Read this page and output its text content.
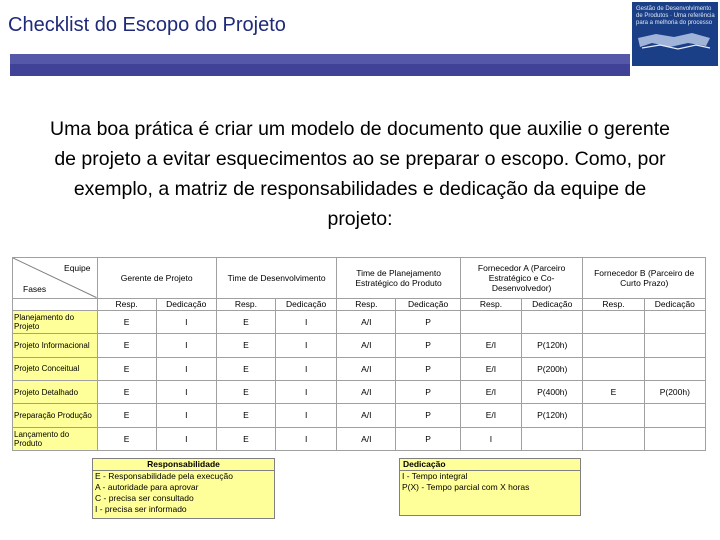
Checklist do Escopo do Projeto
Gestão de Desenvolvimento de Produtos · Uma referência para a melhoria do processo
Uma boa prática é criar um modelo de documento que auxilie o gerente de projeto a evitar esquecimentos ao se preparar o escopo. Como, por exemplo, a matriz de responsabilidades e dedicação da equipe de projeto:
Equipe
Fases	Gerente de Projeto		Time de Desenvolvimento		Time de Planejamento Estratégico do Produto		Fornecedor A (Parceiro Estratégico e Co-Desenvolvedor)		Fornecedor B (Parceiro de Curto Prazo)	
	Resp.	Dedicação	Resp.	Dedicação	Resp.	Dedicação	Resp.	Dedicação	Resp.	Dedicação
Planejamento do Projeto	E	I	E	I	A/I	P				
Projeto Informacional	E	I	E	I	A/I	P	E/I	P(120h)		
Projeto Conceitual	E	I	E	I	A/I	P	E/I	P(200h)		
Projeto Detalhado	E	I	E	I	A/I	P	E/I	P(400h)	E	P(200h)
Preparação Produção	E	I	E	I	A/I	P	E/I	P(120h)		
Lançamento do Produto	E	I	E	I	A/I	P	I			
Responsabilidade
E - Responsabilidade pela execução
A - autoridade para aprovar
C - precisa ser consultado
I - precisa ser informado
Dedicação
I - Tempo integral
P(X) - Tempo parcial com X horas
